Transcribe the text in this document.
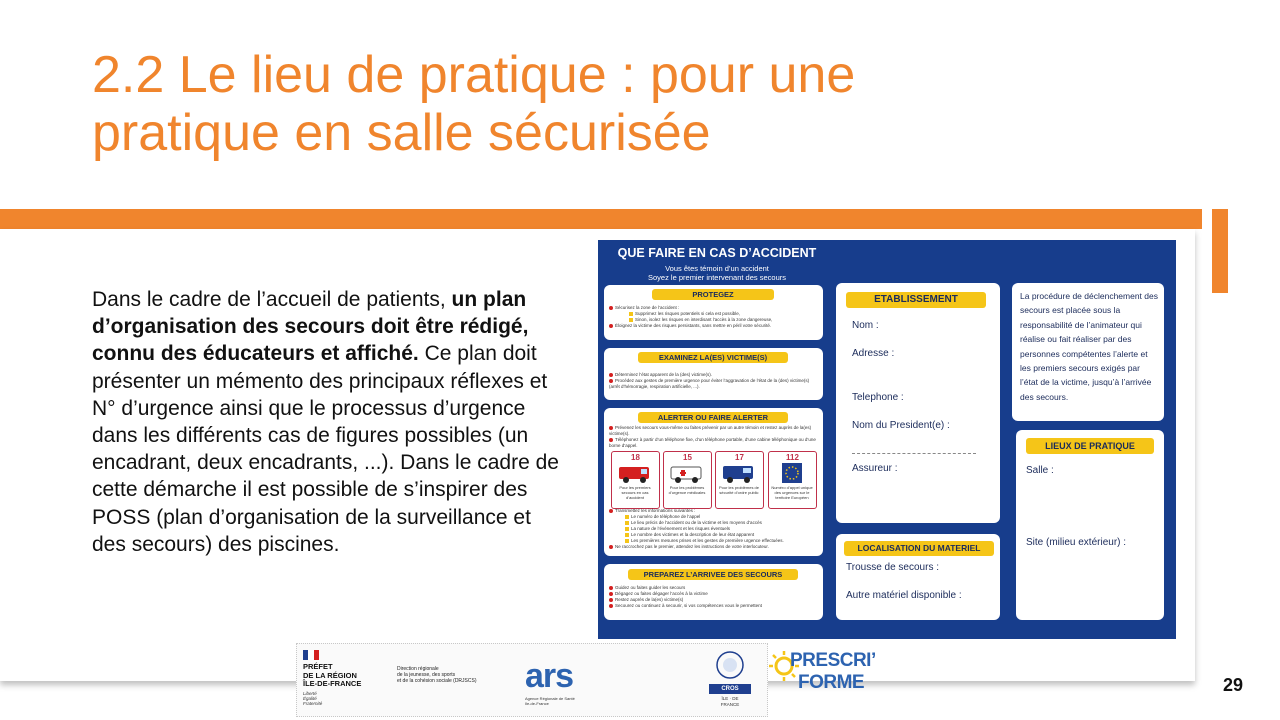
2.2 Le lieu de pratique : pour une
pratique en salle sécurisée

Dans le cadre de l’accueil de patients, un plan d’organisation des secours doit être rédigé, connu des éducateurs et affiché. Ce plan doit présenter un mémento des principaux réflexes et N° d’urgence ainsi que le processus d’urgence dans les différents cas de figures possibles (un encadrant, deux encadrants, ...). Dans le cadre de cette démarche il est possible de s’inspirer des POSS (plan d’organisation de la surveillance et des secours) des piscines.

QUE FAIRE EN CAS D’ACCIDENT
Vous êtes témoin d’un accident
Soyez le premier intervenant des secours
PROTEGEZ
Sécurisez la zone de l’accident :
Supprimez les risques potentiels si cela est possible,
Sinon, isolez les risques en interdisant l’accès à la zone dangereuse,
Éloignez la victime des risques persistants, sans mettre en péril votre sécurité.
EXAMINEZ LA(ES) VICTIME(S)
Déterminez l’état apparent de la (des) victime(s).
Procédez aux gestes de première urgence pour éviter l’aggravation de l’état de la (des) victime(s) (arrêt d’hémorragie, respiration artificielle, ...).
ALERTER OU FAIRE ALERTER
Prévenez les secours vous-même ou faites prévenir par un autre témoin et restez auprès de la(es) victime(s).
Téléphonez à partir d’un téléphone fixe, d’un téléphone portable, d’une cabine téléphonique ou d’une borne d’appel.
18
Pour les premiers secours en cas d’accident
15
Pour les problèmes d’urgence médicales
17
Pour les problèmes de sécurité d’ordre public
112
Numéro d’appel unique des urgences sur le territoire Européen
Transmettez les informations suivantes :
Le numéro de téléphone de l’appel
Le lieu précis de l’accident ou de la victime et les moyens d’accès
La nature de l’événement et les risques éventuels
Le nombre des victimes et la description de leur état apparent
Les premières mesures prises et les gestes de première urgence effectuées.
Ne raccrochez pas le premier, attendez les instructions de votre interlocuteur.
PREPAREZ L’ARRIVEE DES SECOURS
Guidez ou faites guider les secours
Dégagez ou faites dégager l’accès à la victime
Restez auprès de la(es) victime(s)
Secourez ou continuez à secourir, si vos compétences vous le permettent
ETABLISSEMENT
Nom :
Adresse :
Telephone :
Nom du President(e) :
Assureur :
La procédure de déclenchement des secours est placée sous la responsabilité de l’animateur qui réalise ou fait réaliser par des personnes compétentes l’alerte et les premiers secours exigés par l’état de la victime, jusqu’à l’arrivée des secours.
LIEUX DE PRATIQUE
Salle :
Site (milieu extérieur) :
LOCALISATION DU MATERIEL
Trousse de secours :
Autre matériel disponible :
PRÉFET
DE LA RÉGION
ÎLE-DE-FRANCE
Liberté
Égalité
Fraternité
Direction régionale
de la jeunesse, des sports
et de la cohésion sociale (DRJSCS) ars
Agence Régionale de Santé
Ile-de-France
CROS
ÎLE · DE
FRANCE
PRESCRI’
FORME	29
